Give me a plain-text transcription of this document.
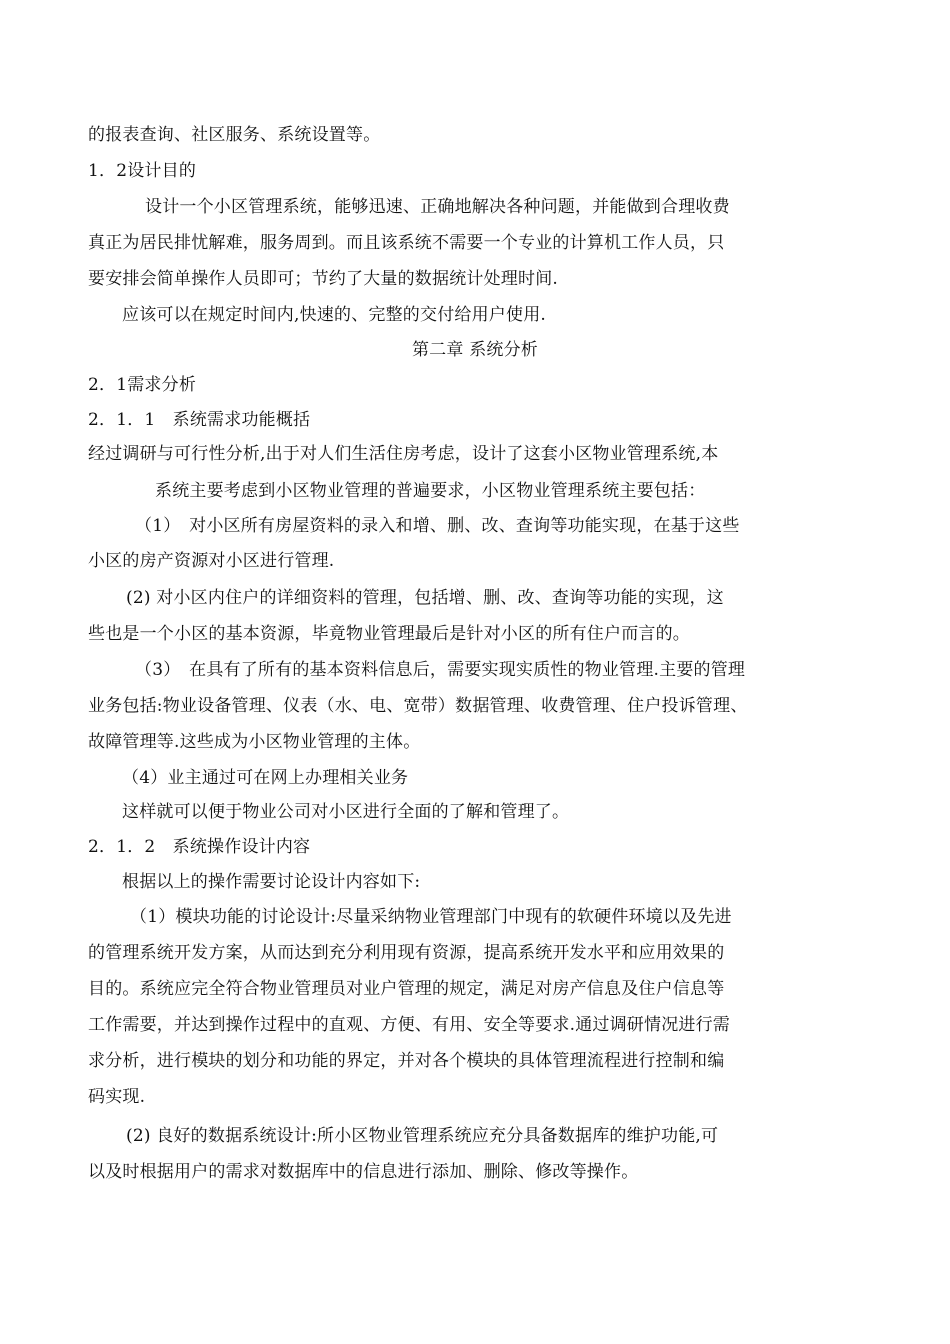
的报表查询、社区服务、系统设置等。
1．2设计目的
设计一个小区管理系统，能够迅速、正确地解决各种问题，并能做到合理收费
真正为居民排忧解难，服务周到。而且该系统不需要一个专业的计算机工作人员，只
要安排会简单操作人员即可；节约了大量的数据统计处理时间.
应该可以在规定时间内,快速的、完整的交付给用户使用.
第二章 系统分析
2．1需求分析
2．1．1　系统需求功能概括
经过调研与可行性分析,出于对人们生活住房考虑，设计了这套小区物业管理系统,本
系统主要考虑到小区物业管理的普遍要求，小区物业管理系统主要包括：
（1）　对小区所有房屋资料的录入和增、删、改、查询等功能实现，在基于这些
小区的房产资源对小区进行管理.
(2) 对小区内住户的详细资料的管理，包括增、删、改、查询等功能的实现，这
些也是一个小区的基本资源，毕竟物业管理最后是针对小区的所有住户而言的。
（3）　在具有了所有的基本资料信息后，需要实现实质性的物业管理.主要的管理
业务包括:物业设备管理、仪表（水、电、宽带）数据管理、收费管理、住户投诉管理、
故障管理等.这些成为小区物业管理的主体。
（4）业主通过可在网上办理相关业务
这样就可以便于物业公司对小区进行全面的了解和管理了。
2．1．2　系统操作设计内容
根据以上的操作需要讨论设计内容如下:
（1）模块功能的讨论设计:尽量采纳物业管理部门中现有的软硬件环境以及先进
的管理系统开发方案，从而达到充分利用现有资源，提高系统开发水平和应用效果的
目的。系统应完全符合物业管理员对业户管理的规定，满足对房产信息及住户信息等
工作需要，并达到操作过程中的直观、方便、有用、安全等要求.通过调研情况进行需
求分析，进行模块的划分和功能的界定，并对各个模块的具体管理流程进行控制和编
码实现.
(2) 良好的数据系统设计:所小区物业管理系统应充分具备数据库的维护功能,可
以及时根据用户的需求对数据库中的信息进行添加、删除、修改等操作。
